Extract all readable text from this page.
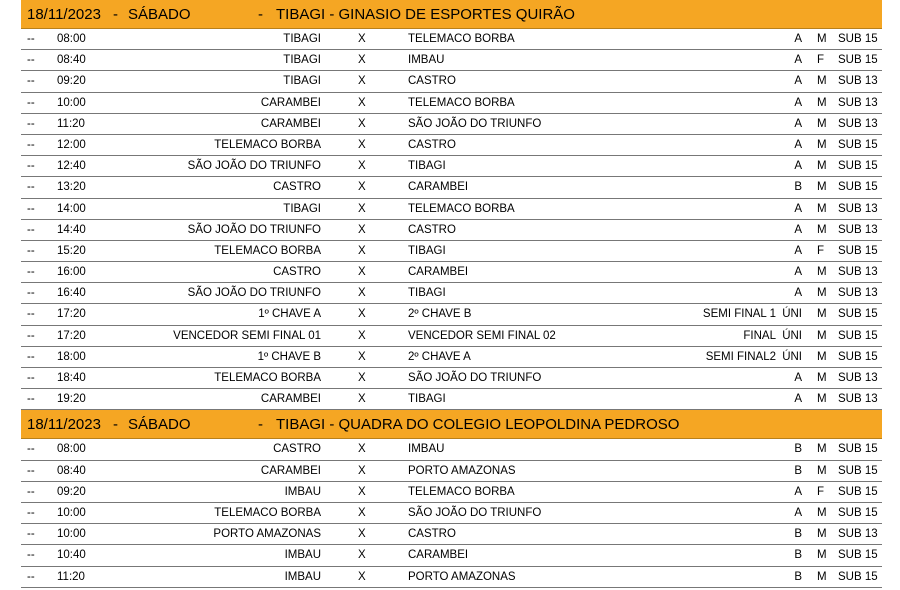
18/11/2023 - SÁBADO	- TIBAGI - GINASIO DE ESPORTES QUIRÃO
-- 08:00	TIBAGI	X	TELEMACO BORBA	A M SUB 15
-- 08:40	TIBAGI	X	IMBAU	A F SUB 15
-- 09:20	TIBAGI	X	CASTRO	A M SUB 13
-- 10:00	CARAMBEI	X	TELEMACO BORBA	A M SUB 13
-- 11:20	CARAMBEI	X	SÃO JOÃO DO TRIUNFO	A M SUB 13
-- 12:00	TELEMACO BORBA	X	CASTRO	A M SUB 15
-- 12:40	SÃO JOÃO DO TRIUNFO	X	TIBAGI	A M SUB 15
-- 13:20	CASTRO	X	CARAMBEI	B M SUB 15
-- 14:00	TIBAGI	X	TELEMACO BORBA	A M SUB 13
-- 14:40	SÃO JOÃO DO TRIUNFO	X	CASTRO	A M SUB 13
-- 15:20	TELEMACO BORBA	X	TIBAGI	A F SUB 15
-- 16:00	CASTRO	X	CARAMBEI	A M SUB 13
-- 16:40	SÃO JOÃO DO TRIUNFO	X	TIBAGI	A M SUB 13
-- 17:20	1º CHAVE A	X	2º CHAVE B	SEMI FINAL 1 ÚNI M SUB 15
-- 17:20	VENCEDOR SEMI FINAL 01	X	VENCEDOR SEMI FINAL 02	FINAL ÚNI M SUB 15
-- 18:00	1º CHAVE B	X	2º CHAVE A	SEMI FINAL2 ÚNI M SUB 15
-- 18:40	TELEMACO BORBA	X	SÃO JOÃO DO TRIUNFO	A M SUB 13
-- 19:20	CARAMBEI	X	TIBAGI	A M SUB 13
18/11/2023 - SÁBADO	- TIBAGI - QUADRA DO COLEGIO LEOPOLDINA PEDROSO
-- 08:00	CASTRO	X	IMBAU	B M SUB 15
-- 08:40	CARAMBEI	X	PORTO AMAZONAS	B M SUB 15
-- 09:20	IMBAU	X	TELEMACO BORBA	A F SUB 15
-- 10:00	TELEMACO BORBA	X	SÃO JOÃO DO TRIUNFO	A M SUB 15
-- 10:00	PORTO AMAZONAS	X	CASTRO	B M SUB 13
-- 10:40	IMBAU	X	CARAMBEI	B M SUB 15
-- 11:20	IMBAU	X	PORTO AMAZONAS	B M SUB 15
